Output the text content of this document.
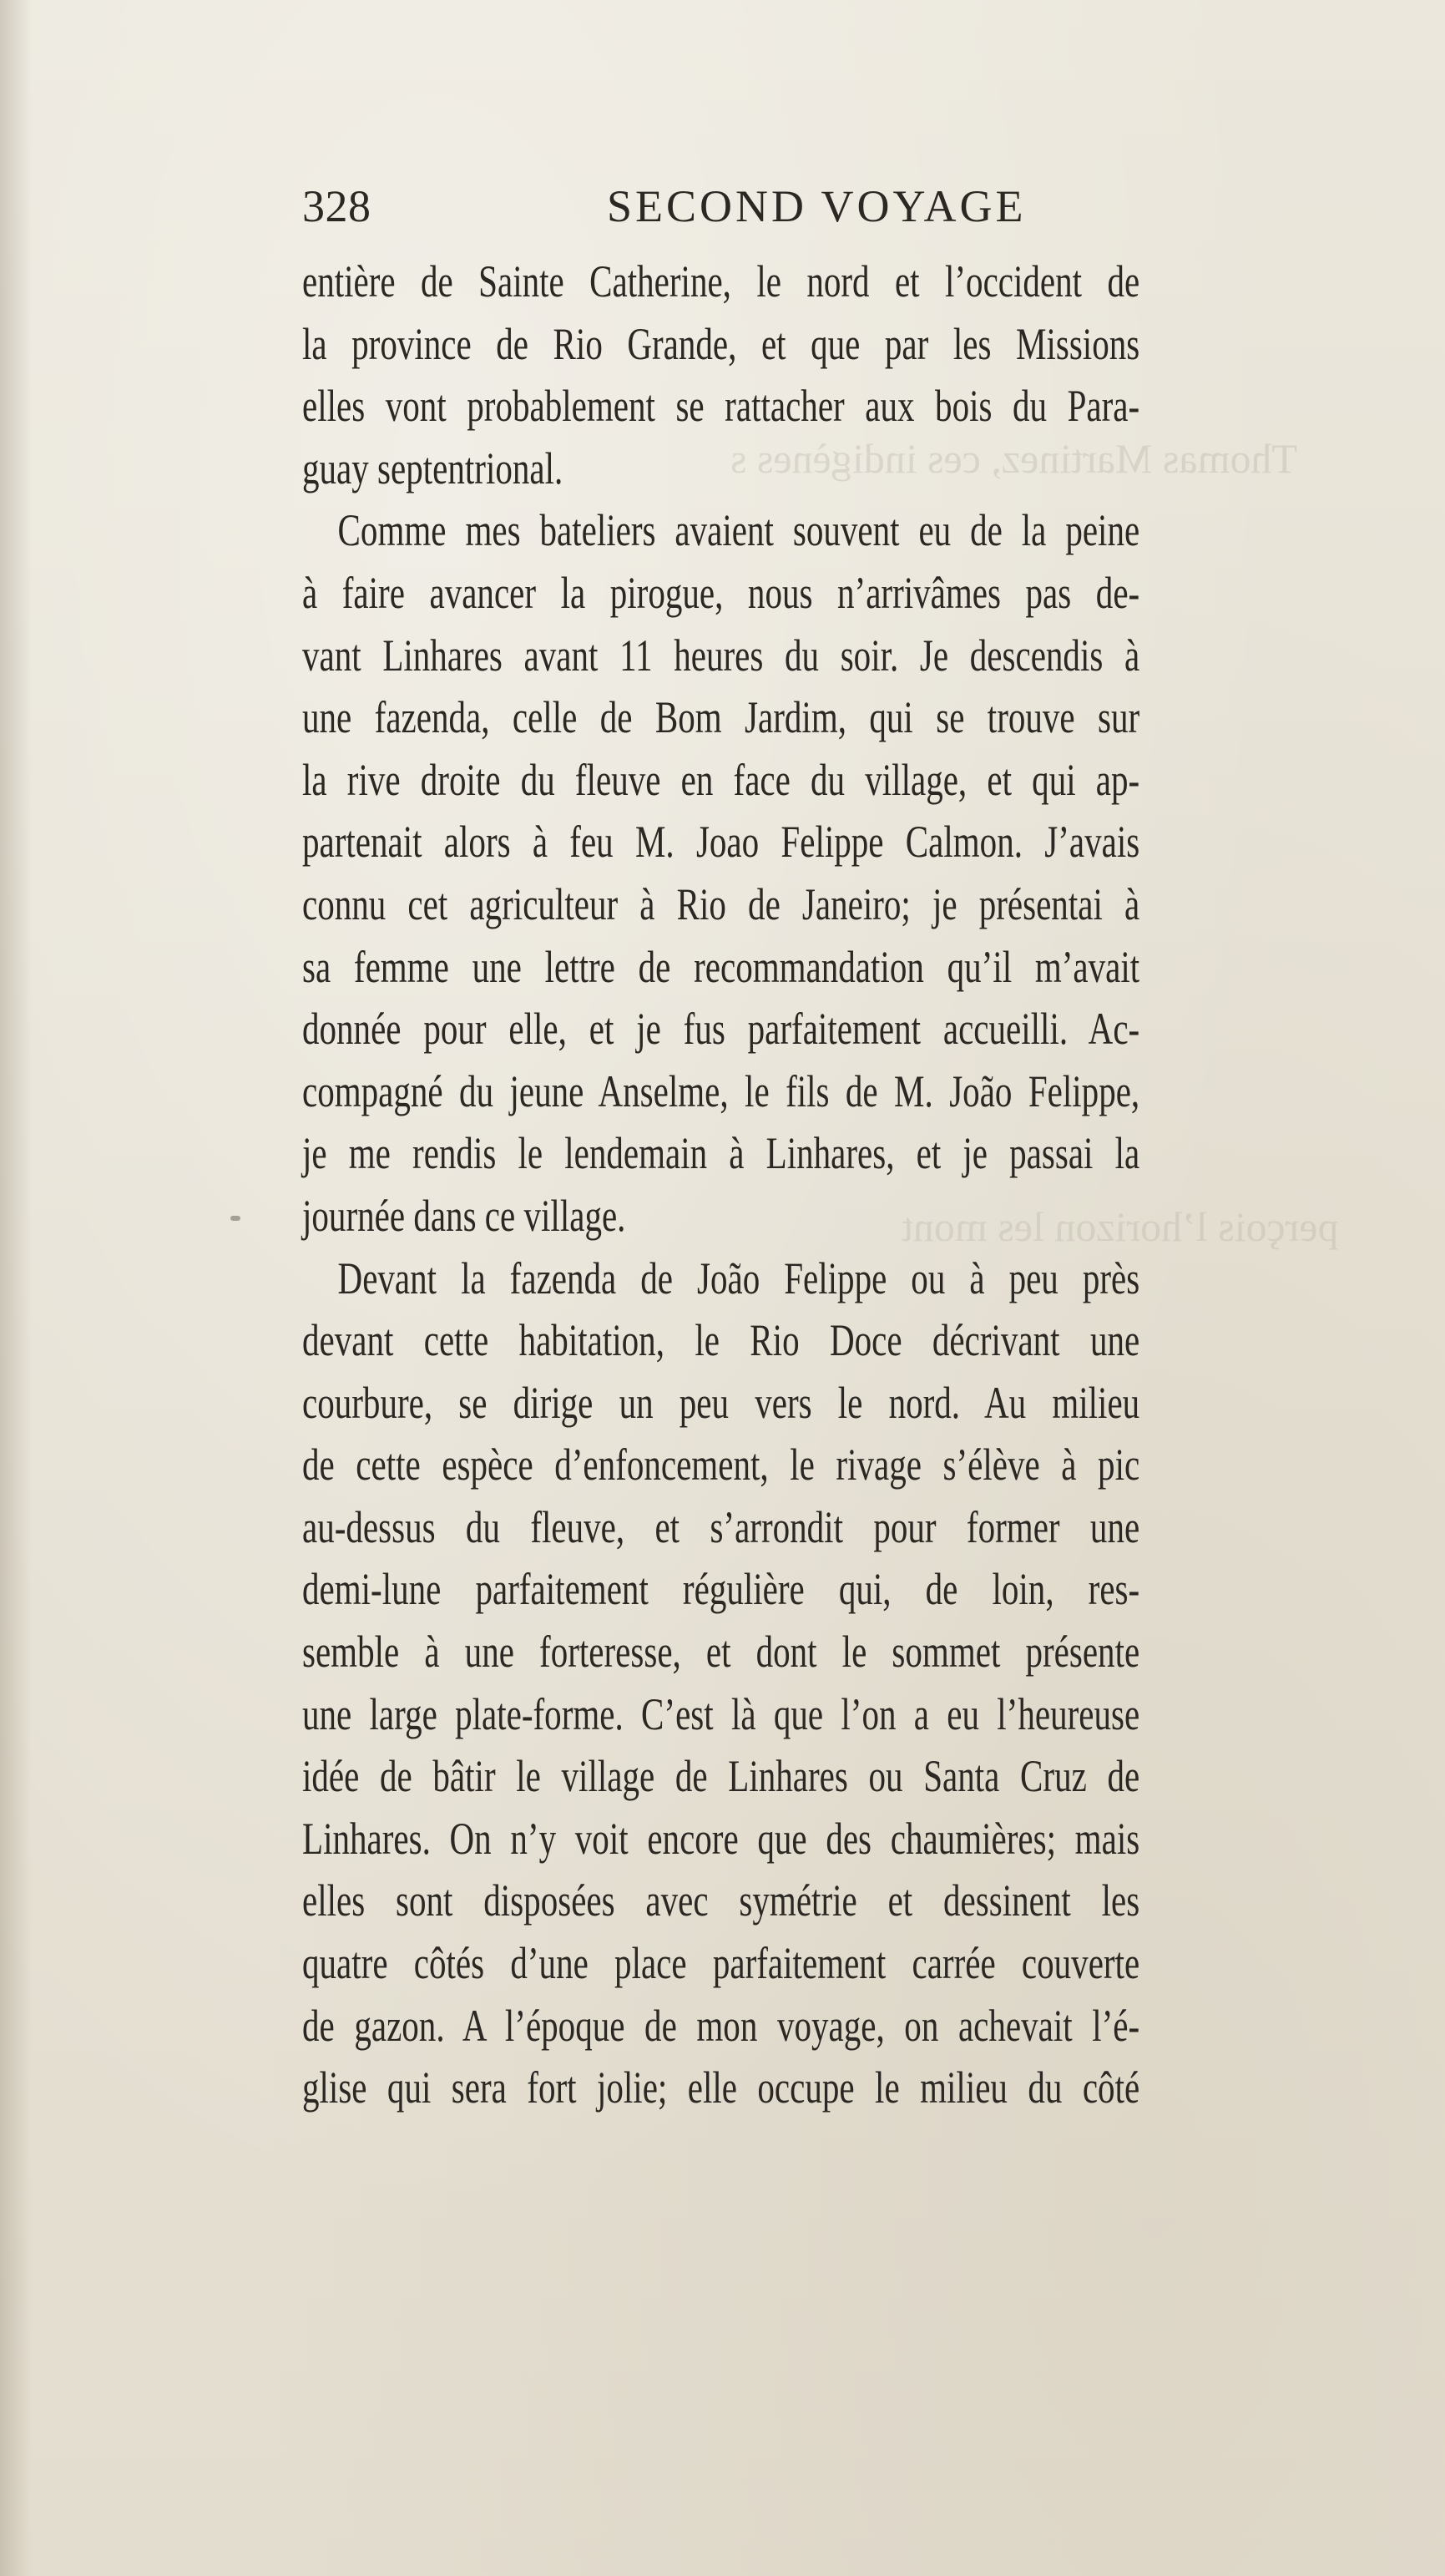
Thomas Martinez, ces indigènes s
perçois l’horizon les mont
328	SECOND VOYAGE
entière de Sainte Catherine, le nord et l’occident de
la province de Rio Grande, et que par les Missions
elles vont probablement se rattacher aux bois du Para-
guay septentrional.
Comme mes bateliers avaient souvent eu de la peine
à faire avancer la pirogue, nous n’arrivâmes pas de-
vant Linhares avant 11 heures du soir. Je descendis à
une fazenda, celle de Bom Jardim, qui se trouve sur
la rive droite du fleuve en face du village, et qui ap-
partenait alors à feu M. Joao Felippe Calmon. J’avais
connu cet agriculteur à Rio de Janeiro; je présentai à
sa femme une lettre de recommandation qu’il m’avait
donnée pour elle, et je fus parfaitement accueilli. Ac-
compagné du jeune Anselme, le fils de M. João Felippe,
je me rendis le lendemain à Linhares, et je passai la
journée dans ce village.
Devant la fazenda de João Felippe ou à peu près
devant cette habitation, le Rio Doce décrivant une
courbure, se dirige un peu vers le nord. Au milieu
de cette espèce d’enfoncement, le rivage s’élève à pic
au-dessus du fleuve, et s’arrondit pour former une
demi-lune parfaitement régulière qui, de loin, res-
semble à une forteresse, et dont le sommet présente
une large plate-forme. C’est là que l’on a eu l’heureuse
idée de bâtir le village de Linhares ou Santa Cruz de
Linhares. On n’y voit encore que des chaumières; mais
elles sont disposées avec symétrie et dessinent les
quatre côtés d’une place parfaitement carrée couverte
de gazon. A l’époque de mon voyage, on achevait l’é-
glise qui sera fort jolie; elle occupe le milieu du côté
